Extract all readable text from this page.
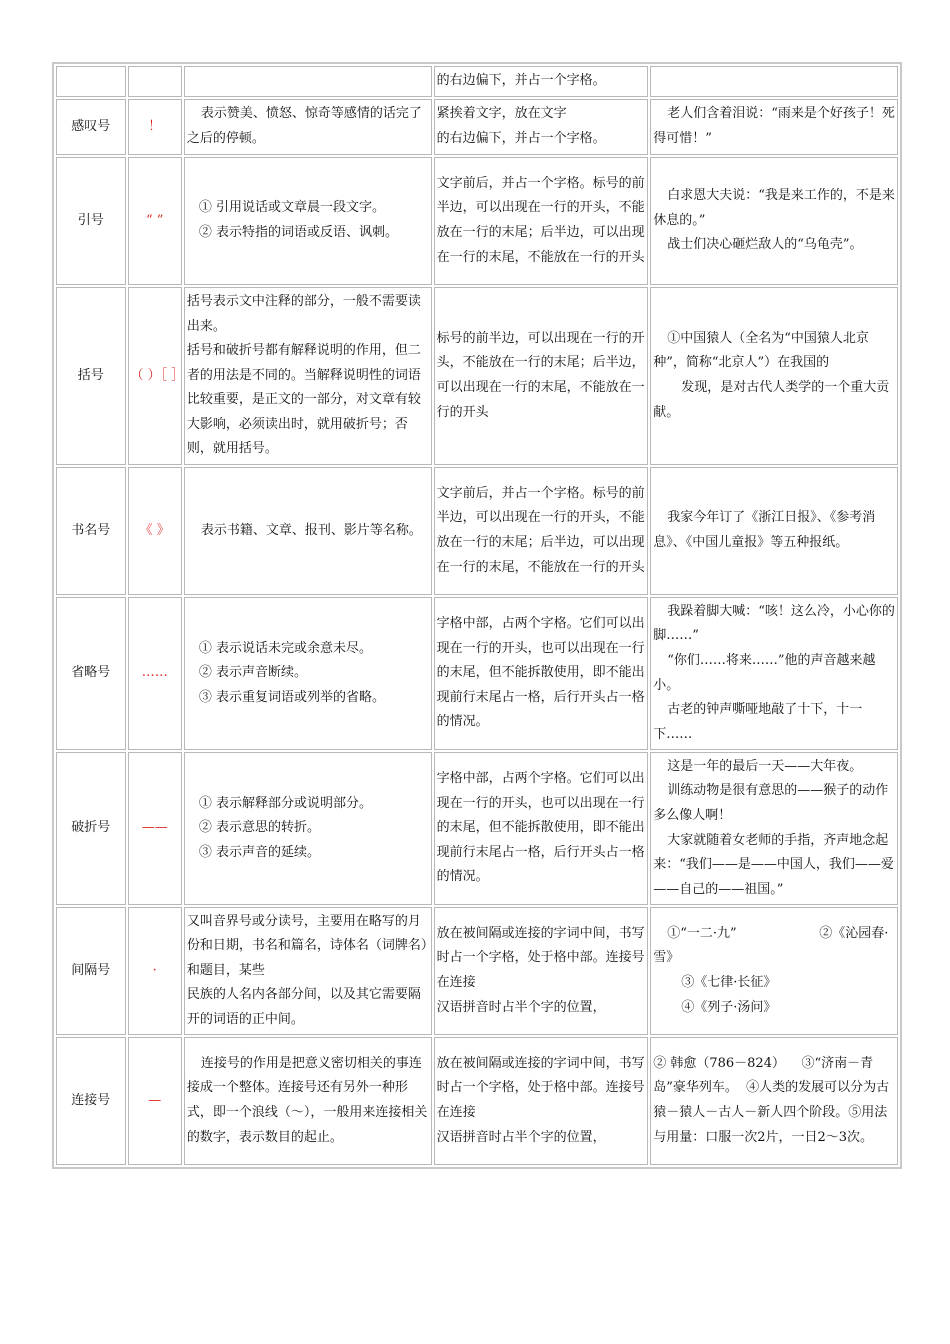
			的右边偏下，并占一个字格。	

感叹号	！	表示赞美、愤怒、惊奇等感情的话完了之后的停顿。	紧挨着文字，放在文字
的右边偏下，并占一个字格。	老人们含着泪说：“雨来是个好孩子！死得可惜！”

引号	“ ”	① 引用说话或文章晨一段文字。
② 表示特指的词语或反语、讽刺。	文字前后，并占一个字格。标号的前半边，可以出现在一行的开头，不能放在一行的末尾；后半边，可以出现在一行的末尾，不能放在一行的开头	白求恩大夫说：“我是来工作的，不是来休息的。”
战士们决心砸烂敌人的“乌龟壳”。

括号	（ ）［ ］	括号表示文中注释的部分，一般不需要读出来。
括号和破折号都有解释说明的作用，但二者的用法是不同的。当解释说明性的词语比较重要，是正文的一部分，对文章有较大影响，必须读出时，就用破折号；否则，就用括号。	标号的前半边，可以出现在一行的开
头，不能放在一行的末尾；后半边，可以出现在一行的末尾，不能放在一行的开头	①中国猿人（全名为“中国猿人北京种”，简称“北京人”）在我国的
发现，是对古代人类学的一个重大贡献。

书名号	《 》	表示书籍、文章、报刊、影片等名称。	文字前后，并占一个字格。标号的前半边，可以出现在一行的开头，不能放在一行的末尾；后半边，可以出现在一行的末尾，不能放在一行的开头	我家今年订了《浙江日报》、《参考消息》、《中国儿童报》等五种报纸。

省略号	……	① 表示说话未完或余意未尽。
② 表示声音断续。
③ 表示重复词语或列举的省略。	字格中部，占两个字格。它们可以出现在一行的开头，也可以出现在一行的末尾，但不能拆散使用，即不能出现前行末尾占一格，后行开头占一格的情况。	我跺着脚大喊：“咳！这么冷，小心你的脚……”
“你们……将来……”他的声音越来越小。
古老的钟声嘶哑地敲了十下，十一下……

破折号	——	① 表示解释部分或说明部分。
② 表示意思的转折。
③ 表示声音的延续。	字格中部，占两个字格。它们可以出现在一行的开头，也可以出现在一行的末尾，但不能拆散使用，即不能出现前行末尾占一格，后行开头占一格的情况。	这是一年的最后一天——大年夜。
训练动物是很有意思的——猴子的动作多么像人啊！
大家就随着女老师的手指，齐声地念起来：“我们——是——中国人，我们——爱——自己的——祖国。”

间隔号	·	又叫音界号或分读号，主要用在略写的月份和日期，书名和篇名，诗体名（词牌名）和题目，某些
民族的人名内各部分间，以及其它需要隔开的词语的正中间。	放在被间隔或连接的字词中间，书写时占一个字格，处于格中部。连接号在连接
汉语拼音时占半个字的位置，	①“一二·九”                    ②《沁园春·雪》
③《七律·长征》
④《列子·汤问》

连接号	—	连接号的作用是把意义密切相关的事连接成一个整体。连接号还有另外一种形式，即一个浪线（～），一般用来连接相关的数字，表示数目的起止。	放在被间隔或连接的字词中间，书写时占一个字格，处于格中部。连接号在连接
汉语拼音时占半个字的位置，	② 韩愈（786－824）    ③“济南－青岛”豪华列车。  ④人类的发展可以分为古猿－猿人－古人－新人四个阶段。⑤用法与用量：口服一次2片，一日2～3次。
